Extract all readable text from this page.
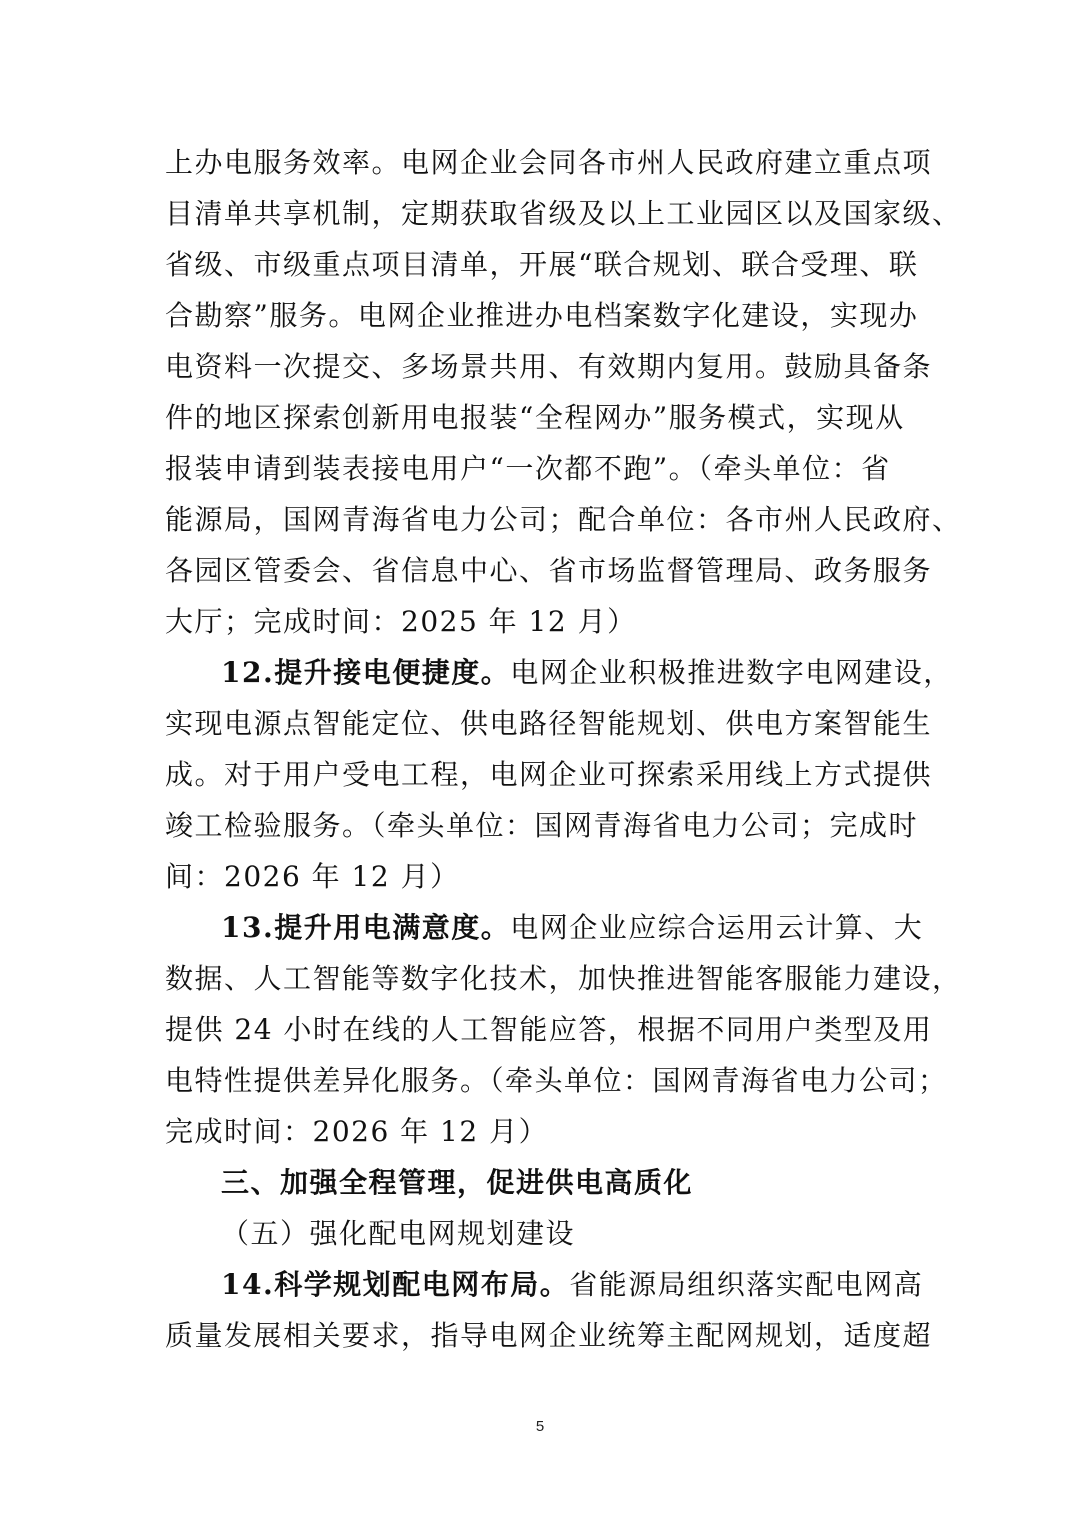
上办电服务效率。电网企业会同各市州人民政府建立重点项
目清单共享机制，定期获取省级及以上工业园区以及国家级、
省级、市级重点项目清单，开展“联合规划、联合受理、联
合勘察”服务。电网企业推进办电档案数字化建设，实现办
电资料一次提交、多场景共用、有效期内复用。鼓励具备条
件的地区探索创新用电报装“全程网办”服务模式，实现从
报装申请到装表接电用户“一次都不跑”。（牵头单位：省
能源局，国网青海省电力公司；配合单位：各市州人民政府、
各园区管委会、省信息中心、省市场监督管理局、政务服务
大厅；完成时间：2025 年 12 月）
12.提升接电便捷度。电网企业积极推进数字电网建设，
实现电源点智能定位、供电路径智能规划、供电方案智能生
成。对于用户受电工程，电网企业可探索采用线上方式提供
竣工检验服务。（牵头单位：国网青海省电力公司；完成时
间：2026 年 12 月）
13.提升用电满意度。电网企业应综合运用云计算、大
数据、人工智能等数字化技术，加快推进智能客服能力建设，
提供 24 小时在线的人工智能应答，根据不同用户类型及用
电特性提供差异化服务。（牵头单位：国网青海省电力公司；
完成时间：2026 年 12 月）
三、加强全程管理，促进供电高质化
（五）强化配电网规划建设
14.科学规划配电网布局。省能源局组织落实配电网高
质量发展相关要求，指导电网企业统筹主配网规划，适度超
5
